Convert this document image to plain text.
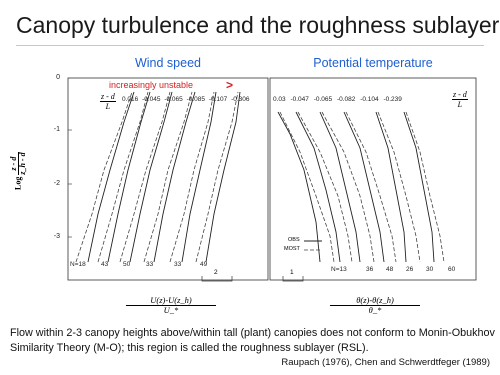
Canopy turbulence and the roughness sublayer
Wind speed	Potential temperature
0
-1
-2
-3
Log
z - d z_h - d
increasingly unstable	>
$\frac{z - d}{L} 0.016$ -0.045 -0.065 -0.085 -0.107 -0.306
N=18 43 50 33	33	49
2
0.03 -0.047 -0.065 -0.082 -0.104 -0.239	$\frac{z - d}{L}$
OBS
MOST
N=13	36 48 26 30 60
1
$\frac{U(z)-U(z\_h)}{U\_*}$	$\frac{\theta(z)-\theta(z\_h)}{\theta\_*}$
Flow within 2-3 canopy heights above/within tall (plant) canopies does not conform to Monin-Obukhov Similarity Theory (M-O); this region is called the roughness sublayer (RSL).
Raupach (1976), Chen and Schwerdtfeger (1989)
